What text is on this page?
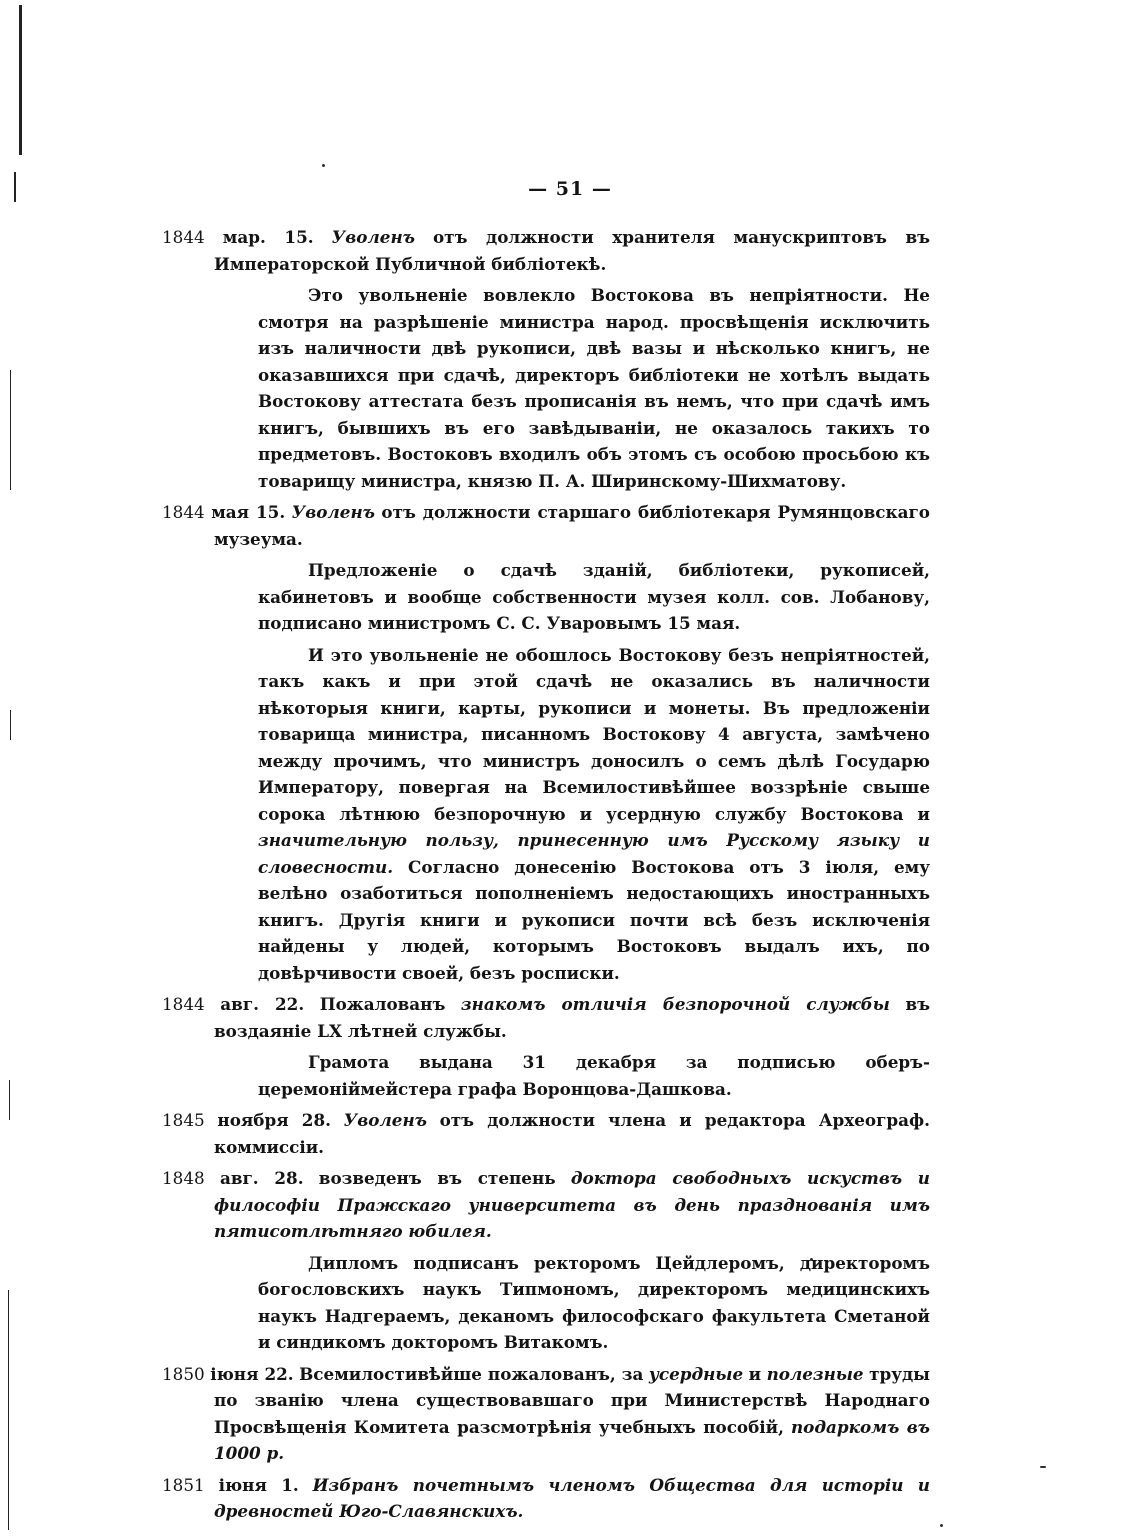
— 51 —

1844 мар. 15. Уволенъ отъ должности хранителя манускриптовъ въ Императорской Публичной библіотекѣ.

Это увольненіе вовлекло Востокова въ непріятности. Не смотря на разрѣшеніе министра народ. просвѣщенія исключить изъ наличности двѣ рукописи, двѣ вазы и нѣсколько книгъ, не оказавшихся при сдачѣ, директоръ библіотеки не хотѣлъ выдать Востокову аттестата безъ прописанія въ немъ, что при сдачѣ имъ книгъ, бывшихъ въ его завѣдываніи, не оказалось такихъ то предметовъ. Востоковъ входилъ объ этомъ съ особою просьбою къ товарищу министра, князю П. А. Ширинскому-Шихматову.

1844 мая 15. Уволенъ отъ должности старшаго библіотекаря Румянцовскаго музеума.

Предложеніе о сдачѣ зданій, библіотеки, рукописей, кабинетовъ и вообще собственности музея колл. сов. Лобанову, подписано министромъ С. С. Уваровымъ 15 мая.

И это увольненіе не обошлось Востокову безъ непріятностей, такъ какъ и при этой сдачѣ не оказались въ наличности нѣкоторыя книги, карты, рукописи и монеты. Въ предложеніи товарища министра, писанномъ Востокову 4 августа, замѣчено между прочимъ, что министръ доносилъ о семъ дѣлѣ Государю Императору, повергая на Всемилостивѣйшее воззрѣніе свыше сорока лѣтнюю безпорочную и усердную службу Востокова и значительную пользу, принесенную имъ Русскому языку и словесности. Согласно донесенію Востокова отъ 3 іюля, ему велѣно озаботиться пополненіемъ недостающихъ иностранныхъ книгъ. Другія книги и рукописи почти всѣ безъ исключенія найдены у людей, которымъ Востоковъ выдалъ ихъ, по довѣрчивости своей, безъ росписки.

1844 авг. 22. Пожалованъ знакомъ отличія безпорочной службы въ воздаяніе LX лѣтней службы.

Грамота выдана 31 декабря за подписью оберъ-церемоніймейстера графа Воронцова-Дашкова.

1845 ноября 28. Уволенъ отъ должности члена и редактора Археограф. коммиссіи.

1848 авг. 28. возведенъ въ степень доктора свободныхъ искуствъ и философіи Пражскаго университета въ день празднованія имъ пятисотлѣтняго юбилея.

Дипломъ подписанъ ректоромъ Цейдлеромъ, директоромъ богословскихъ наукъ Типмономъ, директоромъ медицинскихъ наукъ Надгерaемъ, деканомъ философскаго факультета Сметаной и синдикомъ докторомъ Витакомъ.

1850 іюня 22. Всемилостивѣйше пожалованъ, за усердные и полезные труды по званію члена существовавшаго при Министерствѣ Народнаго Просвѣщенія Комитета разсмотрѣнія учебныхъ пособій, подаркомъ въ 1000 р.

1851 іюня 1. Избранъ почетнымъ членомъ Общества для исторіи и древностей Юго-Славянскихъ.
